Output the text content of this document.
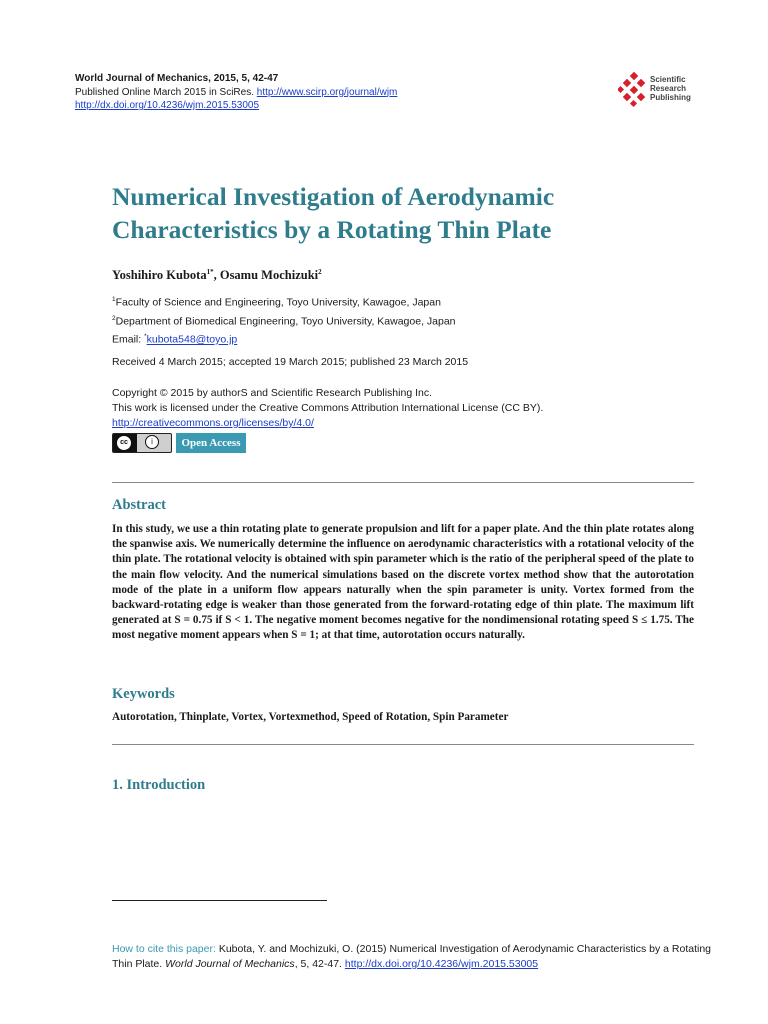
World Journal of Mechanics, 2015, 5, 42-47
Published Online March 2015 in SciRes. http://www.scirp.org/journal/wjm
http://dx.doi.org/10.4236/wjm.2015.53005
Scientific
Research
Publishing
Numerical Investigation of Aerodynamic
Characteristics by a Rotating Thin Plate
Yoshihiro Kubota$^{1*}$, Osamu Mochizuki$^2$
$^1$Faculty of Science and Engineering, Toyo University, Kawagoe, Japan
$^2$Department of Biomedical Engineering, Toyo University, Kawagoe, Japan
Email: *kubota548@toyo.jp
Received 4 March 2015; accepted 19 March 2015; published 23 March 2015
Copyright © 2015 by authorS and Scientific Research Publishing Inc.
This work is licensed under the Creative Commons Attribution International License (CC BY).
http://creativecommons.org/licenses/by/4.0/
cc	i	Open Access
Abstract
In this study, we use a thin rotating plate to generate propulsion and lift for a paper plate. And the thin plate rotates along the spanwise axis. We numerically determine the influence on aerodynamic characteristics with a rotational velocity of the thin plate. The rotational velocity is obtained with spin parameter which is the ratio of the peripheral speed of the plate to the main flow velocity. And the numerical simulations based on the discrete vortex method show that the autorotation mode of the plate in a uniform flow appears naturally when the spin parameter is unity. Vortex formed from the backward-rotating edge is weaker than those generated from the forward-rotating edge of thin plate. The maximum lift generated at S = 0.75 if S < 1. The negative moment becomes negative for the nondimensional rotating speed S ≤ 1.75. The most negative moment appears when S = 1; at that time, autorotation occurs naturally.
Keywords
Autorotation, Thinplate, Vortex, Vortexmethod, Speed of Rotation, Spin Parameter
1. Introduction
How to cite this paper: Kubota, Y. and Mochizuki, O. (2015) Numerical Investigation of Aerodynamic Characteristics by a Rotating Thin Plate. World Journal of Mechanics, 5, 42-47. http://dx.doi.org/10.4236/wjm.2015.53005
